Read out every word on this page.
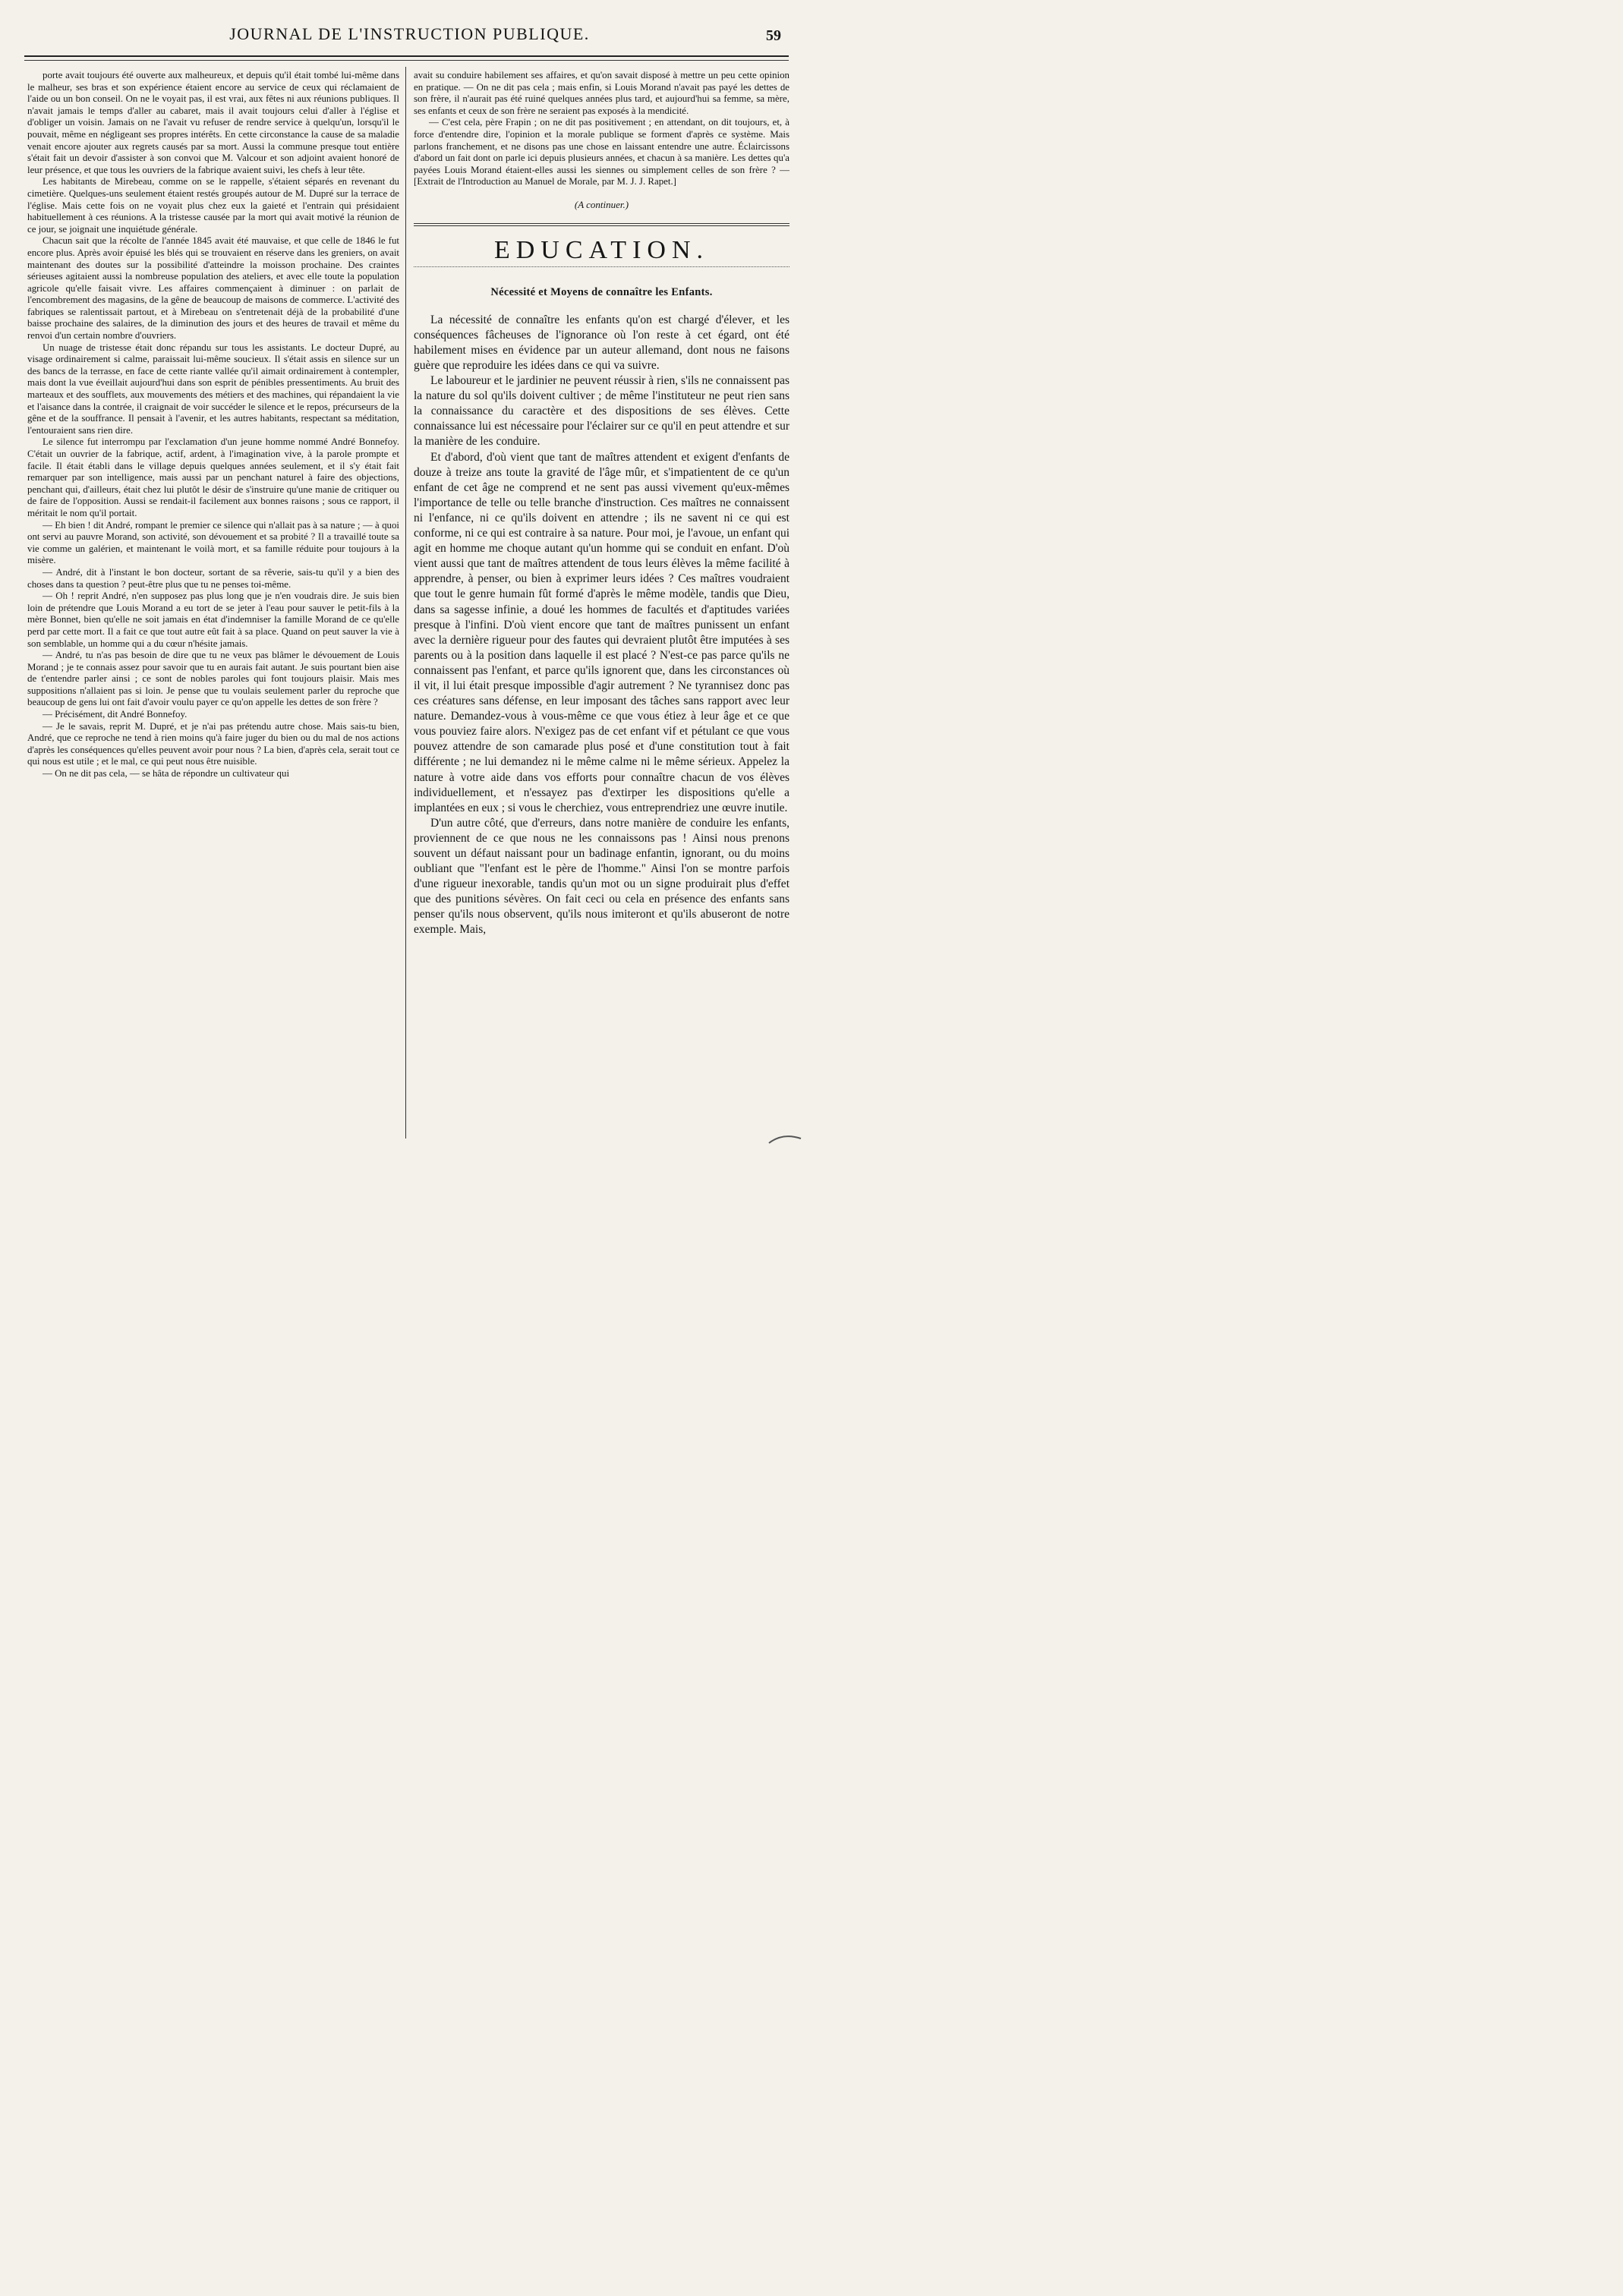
JOURNAL DE L'INSTRUCTION PUBLIQUE.	59

porte avait toujours été ouverte aux malheureux, et depuis qu'il était tombé lui-même dans le malheur, ses bras et son expérience étaient encore au service de ceux qui réclamaient de l'aide ou un bon conseil. On ne le voyait pas, il est vrai, aux fêtes ni aux réunions publiques. Il n'avait jamais le temps d'aller au cabaret, mais il avait toujours celui d'aller à l'église et d'obliger un voisin. Jamais on ne l'avait vu refuser de rendre service à quelqu'un, lorsqu'il le pouvait, même en négligeant ses propres intérêts. En cette circonstance la cause de sa maladie venait encore ajouter aux regrets causés par sa mort. Aussi la commune presque tout entière s'était fait un devoir d'assister à son convoi que M. Valcour et son adjoint avaient honoré de leur présence, et que tous les ouvriers de la fabrique avaient suivi, les chefs à leur tête.

Les habitants de Mirebeau, comme on se le rappelle, s'étaient séparés en revenant du cimetière. Quelques-uns seulement étaient restés groupés autour de M. Dupré sur la terrace de l'église. Mais cette fois on ne voyait plus chez eux la gaieté et l'entrain qui présidaient habituellement à ces réunions. A la tristesse causée par la mort qui avait motivé la réunion de ce jour, se joignait une inquiétude générale.

Chacun sait que la récolte de l'année 1845 avait été mauvaise, et que celle de 1846 le fut encore plus. Après avoir épuisé les blés qui se trouvaient en réserve dans les greniers, on avait maintenant des doutes sur la possibilité d'atteindre la moisson prochaine. Des craintes sérieuses agitaient aussi la nombreuse population des ateliers, et avec elle toute la population agricole qu'elle faisait vivre. Les affaires commençaient à diminuer : on parlait de l'encombrement des magasins, de la gêne de beaucoup de maisons de commerce. L'activité des fabriques se ralentissait partout, et à Mirebeau on s'entretenait déjà de la probabilité d'une baisse prochaine des salaires, de la diminution des jours et des heures de travail et même du renvoi d'un certain nombre d'ouvriers.

Un nuage de tristesse était donc répandu sur tous les assistants. Le docteur Dupré, au visage ordinairement si calme, paraissait lui-même soucieux. Il s'était assis en silence sur un des bancs de la terrasse, en face de cette riante vallée qu'il aimait ordinairement à contempler, mais dont la vue éveillait aujourd'hui dans son esprit de pénibles pressentiments. Au bruit des marteaux et des soufflets, aux mouvements des métiers et des machines, qui répandaient la vie et l'aisance dans la contrée, il craignait de voir succéder le silence et le repos, précurseurs de la gêne et de la souffrance. Il pensait à l'avenir, et les autres habitants, respectant sa méditation, l'entouraient sans rien dire.

Le silence fut interrompu par l'exclamation d'un jeune homme nommé André Bonnefoy. C'était un ouvrier de la fabrique, actif, ardent, à l'imagination vive, à la parole prompte et facile. Il était établi dans le village depuis quelques années seulement, et il s'y était fait remarquer par son intelligence, mais aussi par un penchant naturel à faire des objections, penchant qui, d'ailleurs, était chez lui plutôt le désir de s'instruire qu'une manie de critiquer ou de faire de l'opposition. Aussi se rendait-il facilement aux bonnes raisons ; sous ce rapport, il méritait le nom qu'il portait.

— Eh bien ! dit André, rompant le premier ce silence qui n'allait pas à sa nature ; — à quoi ont servi au pauvre Morand, son activité, son dévouement et sa probité ? Il a travaillé toute sa vie comme un galérien, et maintenant le voilà mort, et sa famille réduite pour toujours à la misère.

— André, dit à l'instant le bon docteur, sortant de sa rêverie, sais-tu qu'il y a bien des choses dans ta question ? peut-être plus que tu ne penses toi-même.

— Oh ! reprit André, n'en supposez pas plus long que je n'en voudrais dire. Je suis bien loin de prétendre que Louis Morand a eu tort de se jeter à l'eau pour sauver le petit-fils à la mère Bonnet, bien qu'elle ne soit jamais en état d'indemniser la famille Morand de ce qu'elle perd par cette mort. Il a fait ce que tout autre eût fait à sa place. Quand on peut sauver la vie à son semblable, un homme qui a du cœur n'hésite jamais.

— André, tu n'as pas besoin de dire que tu ne veux pas blâmer le dévouement de Louis Morand ; je te connais assez pour savoir que tu en aurais fait autant. Je suis pourtant bien aise de t'entendre parler ainsi ; ce sont de nobles paroles qui font toujours plaisir. Mais mes suppositions n'allaient pas si loin. Je pense que tu voulais seulement parler du reproche que beaucoup de gens lui ont fait d'avoir voulu payer ce qu'on appelle les dettes de son frère ?

— Précisément, dit André Bonnefoy.

— Je le savais, reprit M. Dupré, et je n'ai pas prétendu autre chose. Mais sais-tu bien, André, que ce reproche ne tend à rien moins qu'à faire juger du bien ou du mal de nos actions d'après les conséquences qu'elles peuvent avoir pour nous ? La bien, d'après cela, serait tout ce qui nous est utile ; et le mal, ce qui peut nous être nuisible.

— On ne dit pas cela, — se hâta de répondre un cultivateur qui

avait su conduire habilement ses affaires, et qu'on savait disposé à mettre un peu cette opinion en pratique. — On ne dit pas cela ; mais enfin, si Louis Morand n'avait pas payé les dettes de son frère, il n'aurait pas été ruiné quelques années plus tard, et aujourd'hui sa femme, sa mère, ses enfants et ceux de son frère ne seraient pas exposés à la mendicité.

— C'est cela, père Frapin ; on ne dit pas positivement ; en attendant, on dit toujours, et, à force d'entendre dire, l'opinion et la morale publique se forment d'après ce système. Mais parlons franchement, et ne disons pas une chose en laissant entendre une autre. Éclaircissons d'abord un fait dont on parle ici depuis plusieurs années, et chacun à sa manière. Les dettes qu'a payées Louis Morand étaient-elles aussi les siennes ou simplement celles de son frère ? — [Extrait de l'Introduction au Manuel de Morale, par M. J. J. Rapet.]

(A continuer.)
EDUCATION.
Nécessité et Moyens de connaître les Enfants.

La nécessité de connaître les enfants qu'on est chargé d'élever, et les conséquences fâcheuses de l'ignorance où l'on reste à cet égard, ont été habilement mises en évidence par un auteur allemand, dont nous ne faisons guère que reproduire les idées dans ce qui va suivre.

Le laboureur et le jardinier ne peuvent réussir à rien, s'ils ne connaissent pas la nature du sol qu'ils doivent cultiver ; de même l'instituteur ne peut rien sans la connaissance du caractère et des dispositions de ses élèves. Cette connaissance lui est nécessaire pour l'éclairer sur ce qu'il en peut attendre et sur la manière de les conduire.

Et d'abord, d'où vient que tant de maîtres attendent et exigent d'enfants de douze à treize ans toute la gravité de l'âge mûr, et s'impatientent de ce qu'un enfant de cet âge ne comprend et ne sent pas aussi vivement qu'eux-mêmes l'importance de telle ou telle branche d'instruction. Ces maîtres ne connaissent ni l'enfance, ni ce qu'ils doivent en attendre ; ils ne savent ni ce qui est conforme, ni ce qui est contraire à sa nature. Pour moi, je l'avoue, un enfant qui agit en homme me choque autant qu'un homme qui se conduit en enfant. D'où vient aussi que tant de maîtres attendent de tous leurs élèves la même facilité à apprendre, à penser, ou bien à exprimer leurs idées ? Ces maîtres voudraient que tout le genre humain fût formé d'après le même modèle, tandis que Dieu, dans sa sagesse infinie, a doué les hommes de facultés et d'aptitudes variées presque à l'infini. D'où vient encore que tant de maîtres punissent un enfant avec la dernière rigueur pour des fautes qui devraient plutôt être imputées à ses parents ou à la position dans laquelle il est placé ? N'est-ce pas parce qu'ils ne connaissent pas l'enfant, et parce qu'ils ignorent que, dans les circonstances où il vit, il lui était presque impossible d'agir autrement ? Ne tyrannisez donc pas ces créatures sans défense, en leur imposant des tâches sans rapport avec leur nature. Demandez-vous à vous-même ce que vous étiez à leur âge et ce que vous pouviez faire alors. N'exigez pas de cet enfant vif et pétulant ce que vous pouvez attendre de son camarade plus posé et d'une constitution tout à fait différente ; ne lui demandez ni le même calme ni le même sérieux. Appelez la nature à votre aide dans vos efforts pour connaître chacun de vos élèves individuellement, et n'essayez pas d'extirper les dispositions qu'elle a implantées en eux ; si vous le cherchiez, vous entreprendriez une œuvre inutile.

D'un autre côté, que d'erreurs, dans notre manière de conduire les enfants, proviennent de ce que nous ne les connaissons pas ! Ainsi nous prenons souvent un défaut naissant pour un badinage enfantin, ignorant, ou du moins oubliant que "l'enfant est le père de l'homme." Ainsi l'on se montre parfois d'une rigueur inexorable, tandis qu'un mot ou un signe produirait plus d'effet que des punitions sévères. On fait ceci ou cela en présence des enfants sans penser qu'ils nous observent, qu'ils nous imiteront et qu'ils abuseront de notre exemple. Mais,
